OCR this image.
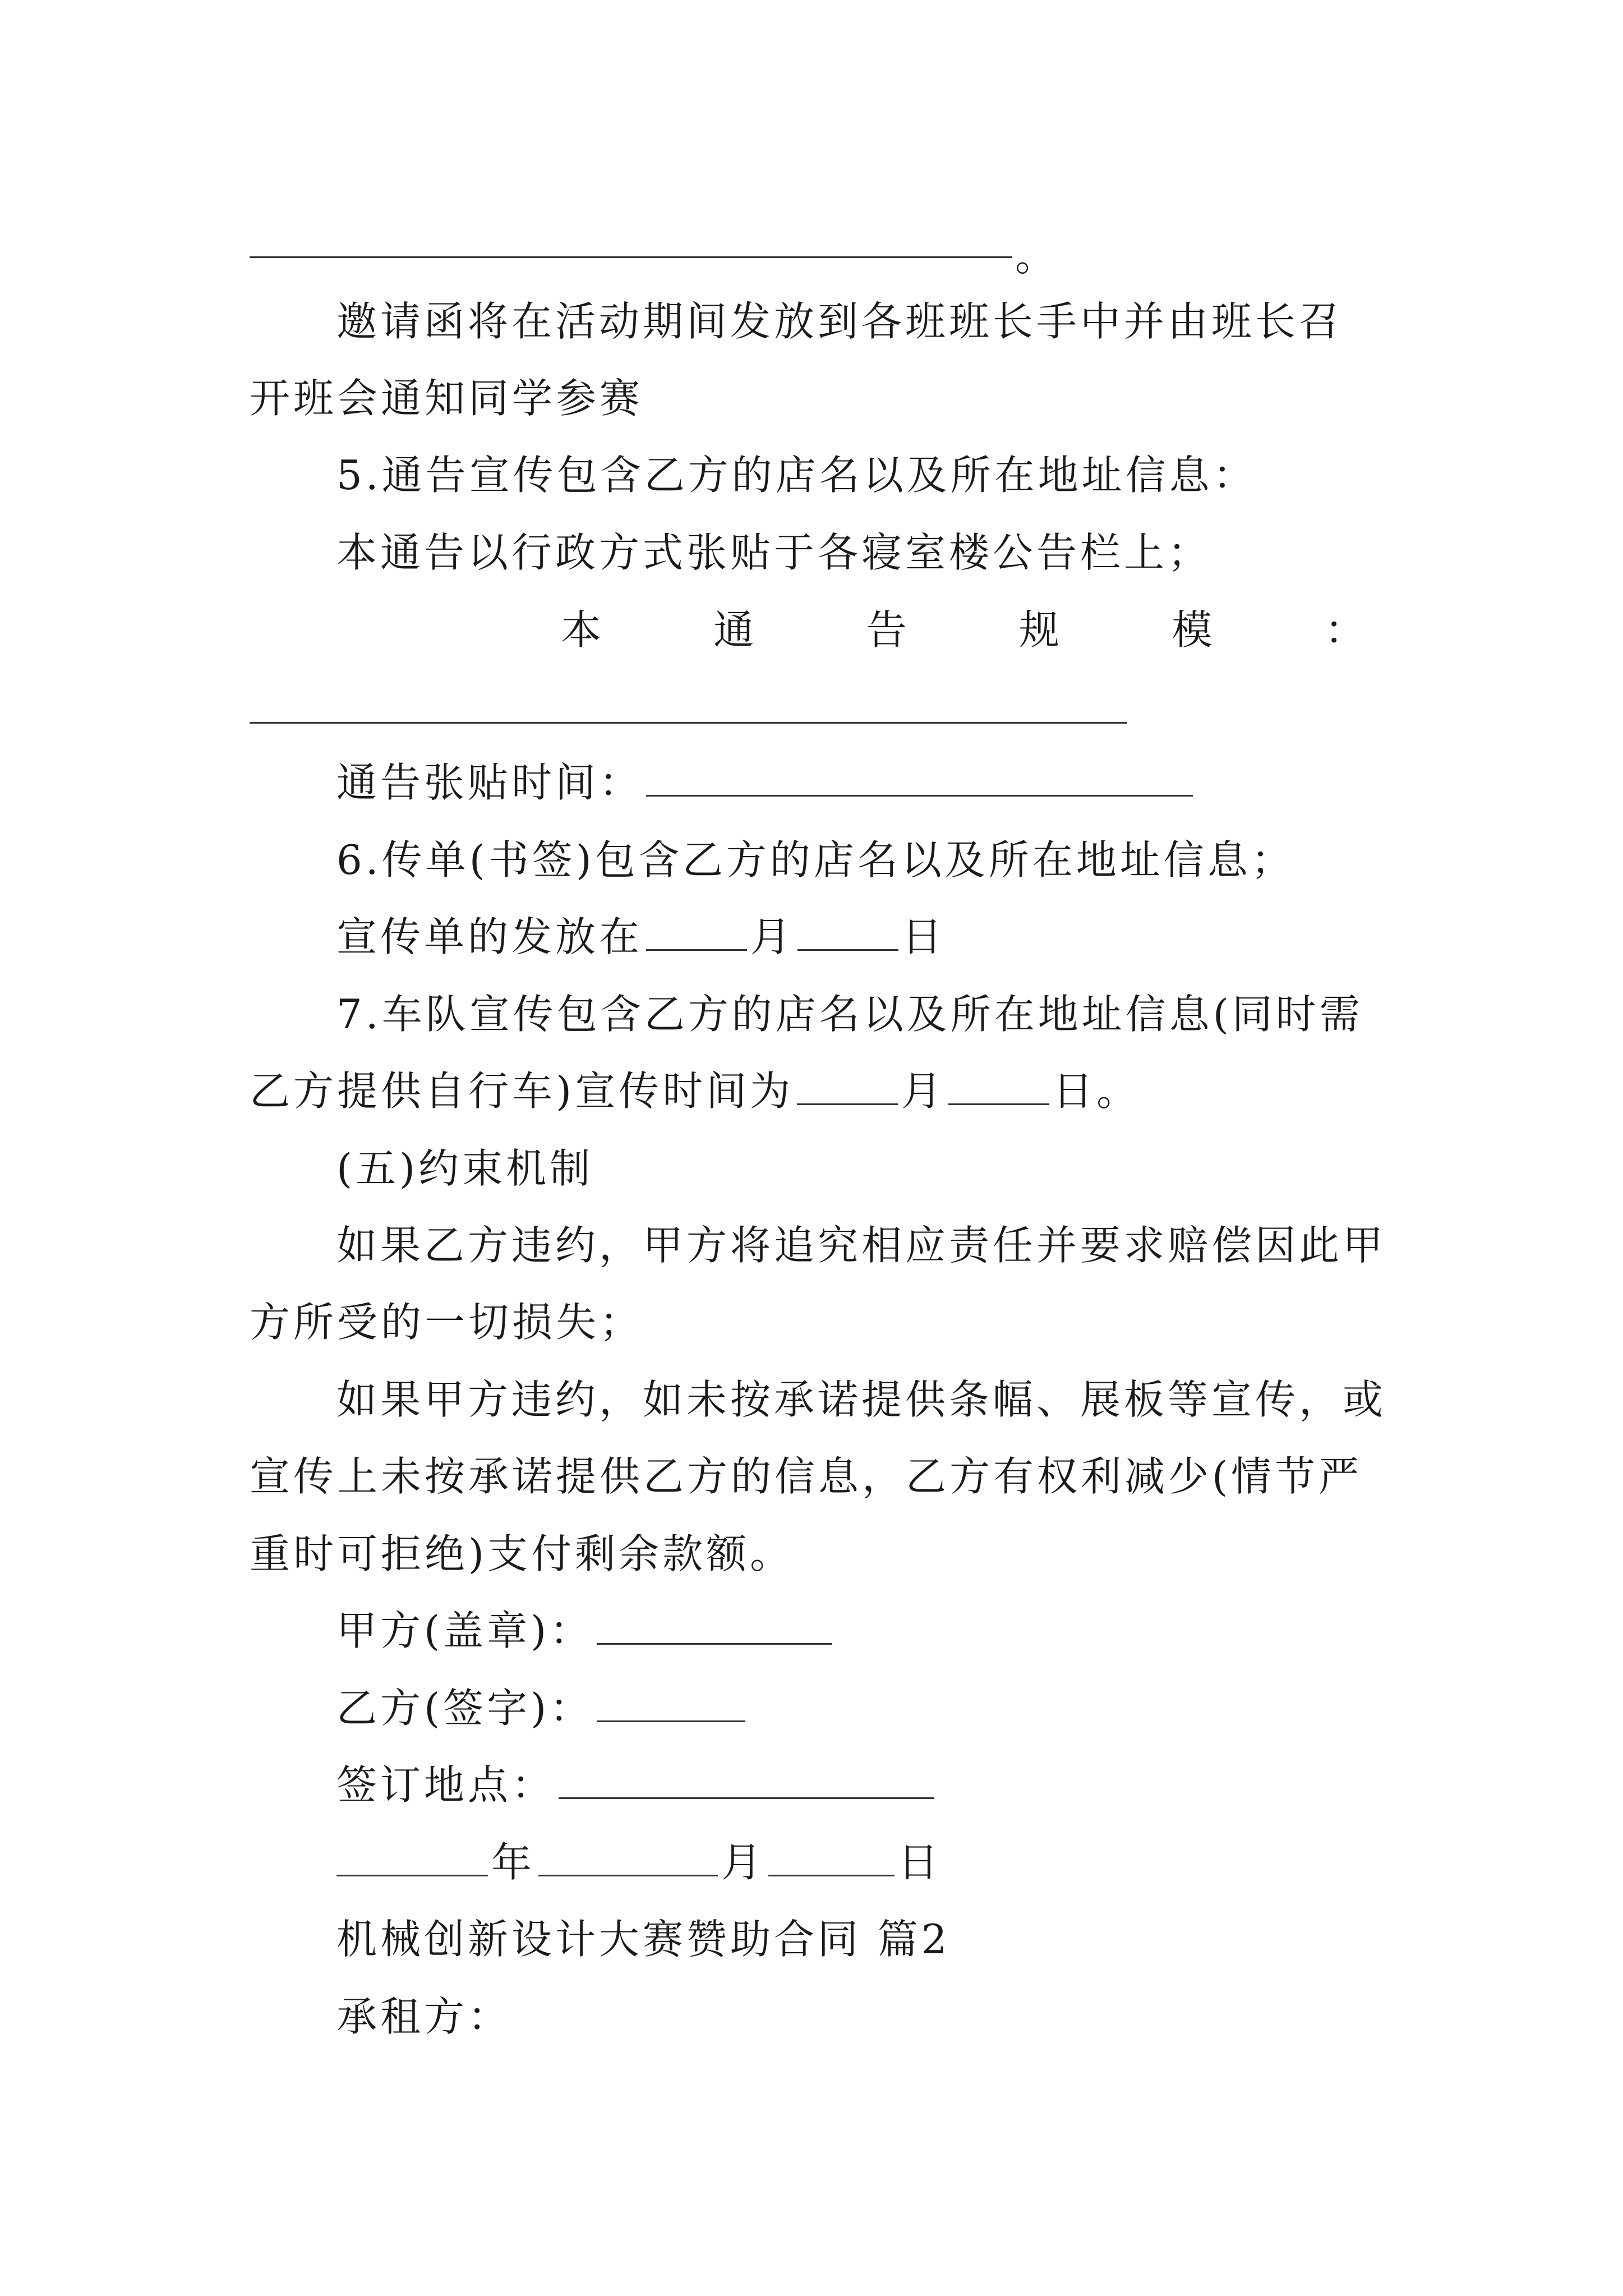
。
邀请函将在活动期间发放到各班班长手中并由班长召
开班会通知同学参赛
5.通告宣传包含乙方的店名以及所在地址信息：
本通告以行政方式张贴于各寝室楼公告栏上；
本	通	告	规	模	：
通告张贴时间：
6.传单(书签)包含乙方的店名以及所在地址信息；
宣传单的发放在	月	日
7.车队宣传包含乙方的店名以及所在地址信息(同时需
乙方提供自行车)宣传时间为	月	日。
(五)约束机制
如果乙方违约，甲方将追究相应责任并要求赔偿因此甲
方所受的一切损失；
如果甲方违约，如未按承诺提供条幅、展板等宣传，或
宣传上未按承诺提供乙方的信息，乙方有权利减少(情节严
重时可拒绝)支付剩余款额。
甲方(盖章)：
乙方(签字)：
签订地点：
年	月	日
机械创新设计大赛赞助合同 篇2
承租方：
